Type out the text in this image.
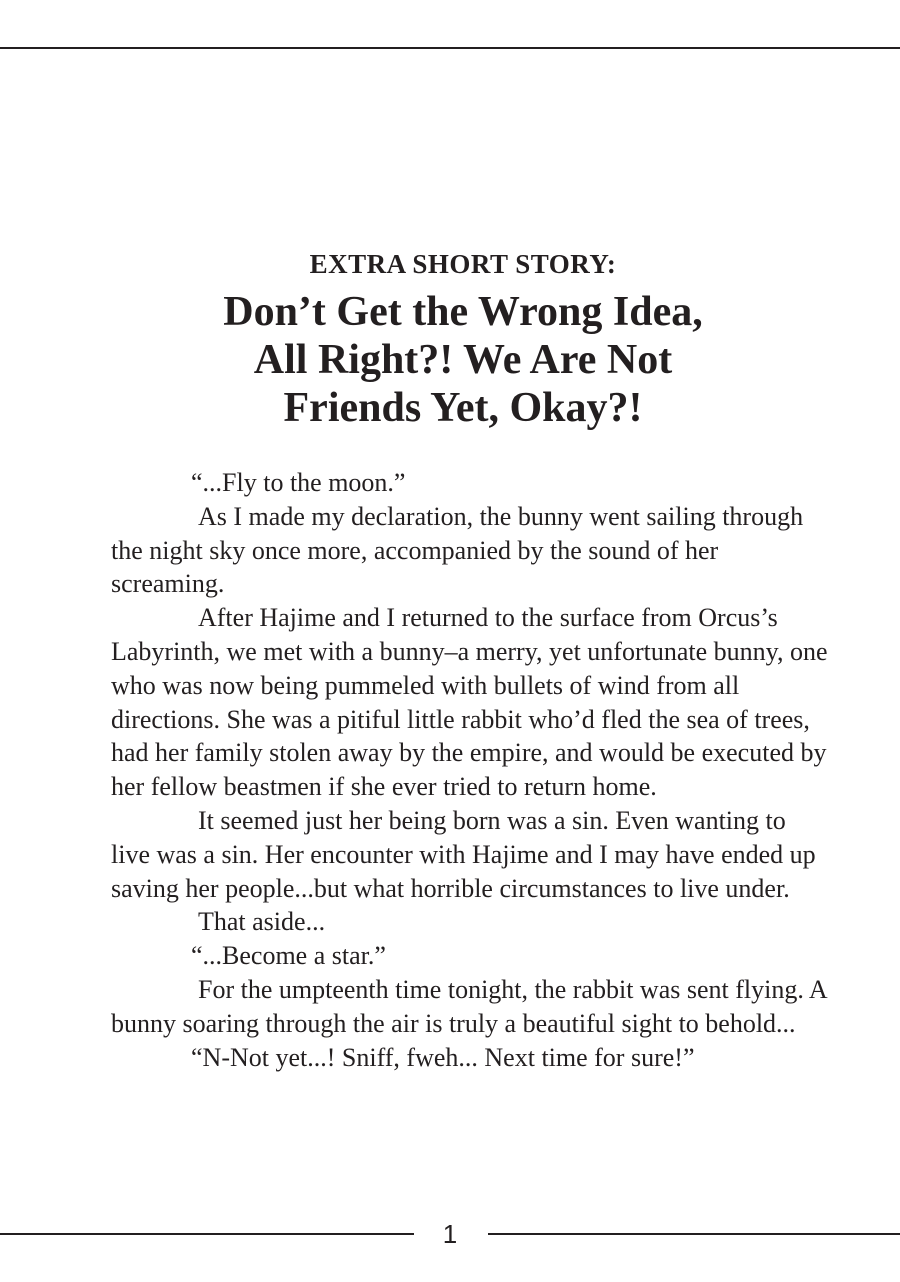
EXTRA SHORT STORY:
Don’t Get the Wrong Idea,
All Right?! We Are Not
Friends Yet, Okay?!

“...Fly to the moon.”

As I made my declaration, the bunny went sailing through the night sky once more, accompanied by the sound of her screaming.

After Hajime and I returned to the surface from Orcus’s Labyrinth, we met with a bunny–a merry, yet unfortunate bunny, one who was now being pummeled with bullets of wind from all directions. She was a pitiful little rabbit who’d fled the sea of trees, had her family stolen away by the empire, and would be executed by her fellow beastmen if she ever tried to return home.

It seemed just her being born was a sin. Even wanting to live was a sin. Her encounter with Hajime and I may have ended up saving her people...but what horrible circumstances to live under.

That aside...

“...Become a star.”

For the umpteenth time tonight, the rabbit was sent flying. A bunny soaring through the air is truly a beautiful sight to behold...

“N-Not yet...! Sniff, fweh... Next time for sure!”

1
